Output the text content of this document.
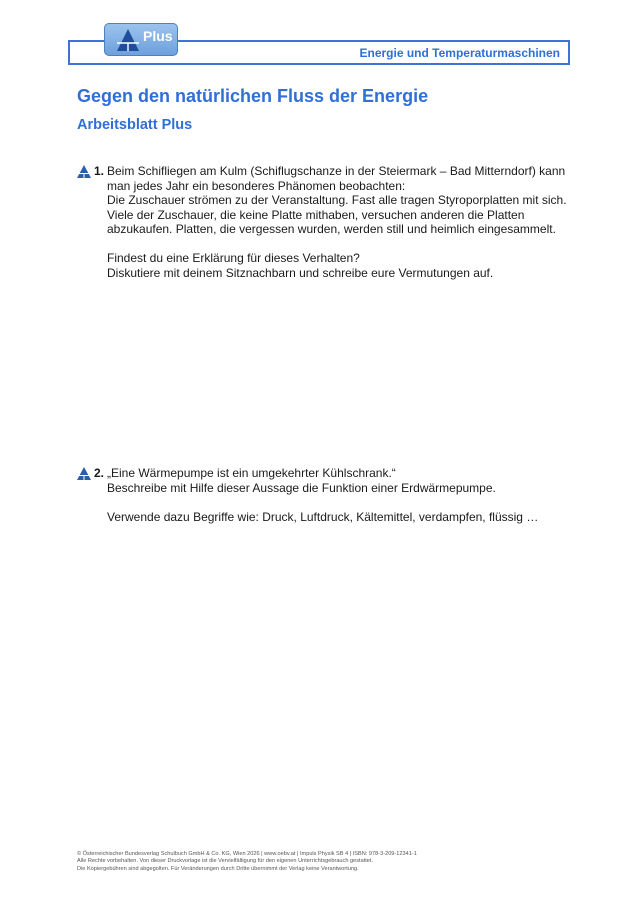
Energie und Temperaturmaschinen
Plus
Gegen den natürlichen Fluss der Energie
Arbeitsblatt Plus
1. Beim Schifliegen am Kulm (Schiflugschanze in der Steiermark – Bad Mitterndorf) kann

man jedes Jahr ein besonderes Phänomen beobachten:

Die Zuschauer strömen zu der Veranstaltung. Fast alle tragen Styroporplatten mit sich.

Viele der Zuschauer, die keine Platte mithaben, versuchen anderen die Platten

abzukaufen. Platten, die vergessen wurden, werden still und heimlich eingesammelt.

Findest du eine Erklärung für dieses Verhalten?

Diskutiere mit deinem Sitznachbarn und schreibe eure Vermutungen auf.

2. „Eine Wärmepumpe ist ein umgekehrter Kühlschrank.“

Beschreibe mit Hilfe dieser Aussage die Funktion einer Erdwärmepumpe.

Verwende dazu Begriffe wie: Druck, Luftdruck, Kältemittel, verdampfen, flüssig …

© Österreichischer Bundesverlag Schulbuch GmbH & Co. KG, Wien 2026 | www.oebv.at | Impuls Physik SB 4 | ISBN: 978-3-209-12341-1

Alle Rechte vorbehalten. Von dieser Druckvorlage ist die Vervielfältigung für den eigenen Unterrichtsgebrauch gestattet.

Die Kopiergebühren sind abgegolten. Für Veränderungen durch Dritte übernimmt der Verlag keine Verantwortung.
